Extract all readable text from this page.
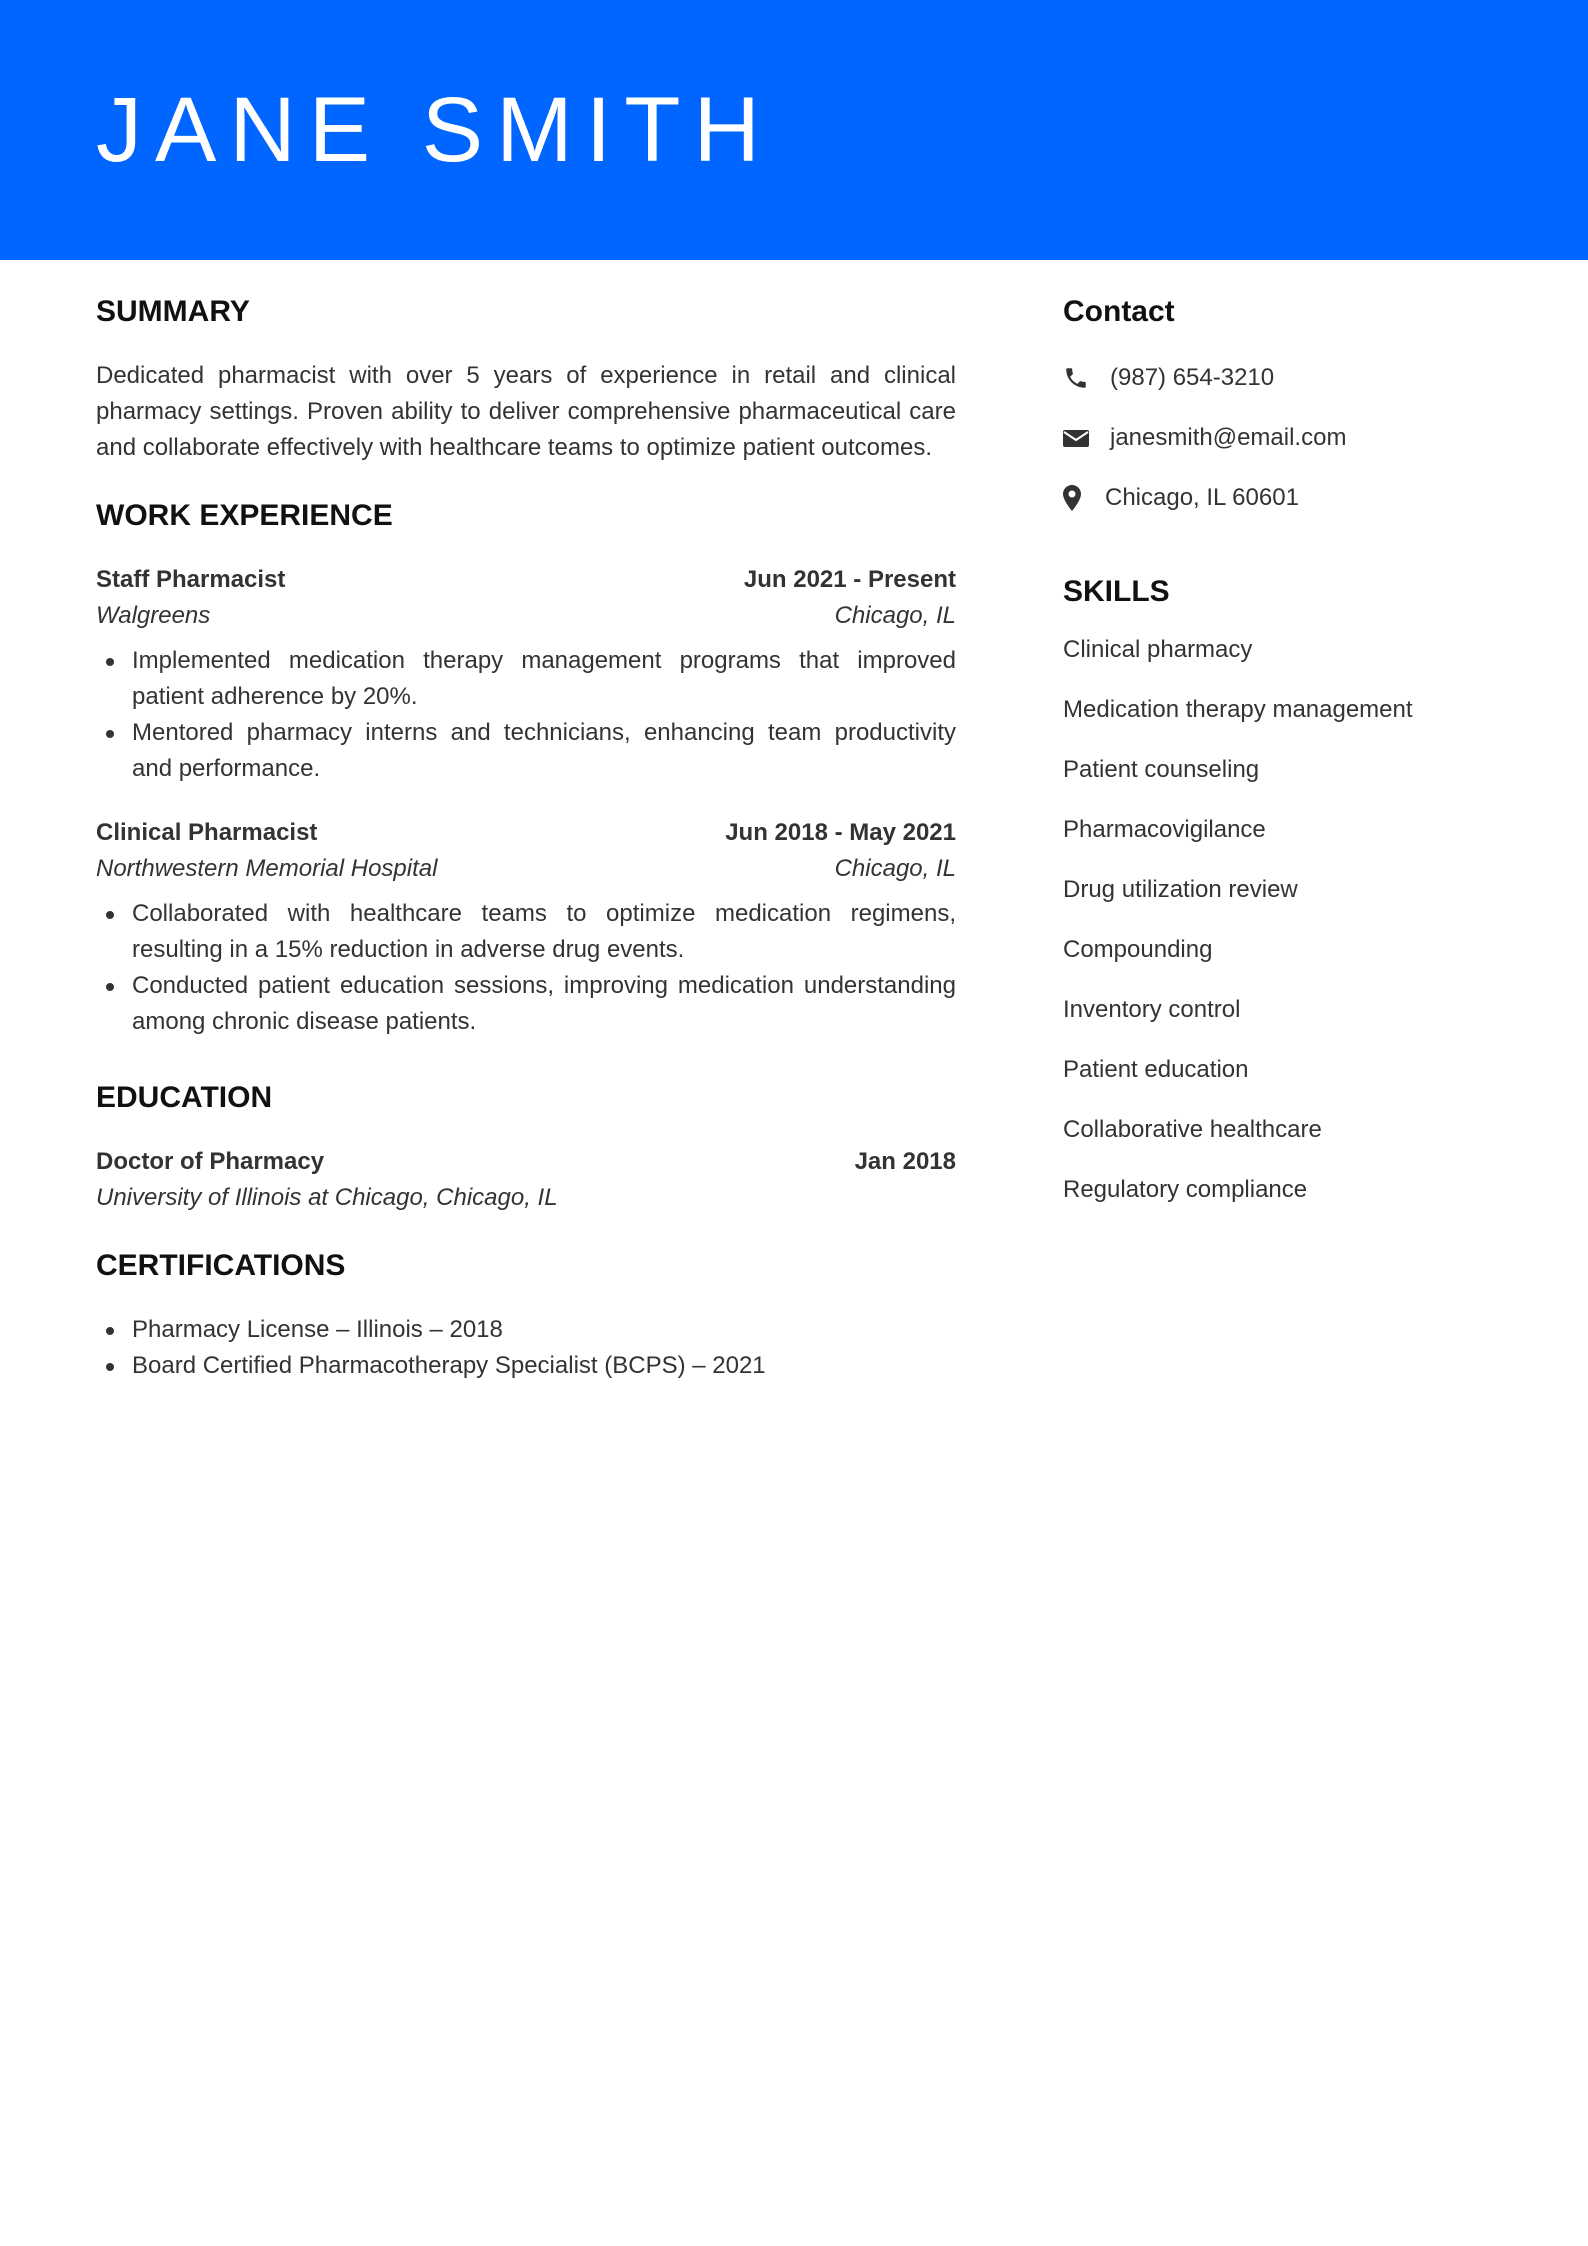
JANE SMITH
SUMMARY

Dedicated pharmacist with over 5 years of experience in retail and clinical pharmacy settings. Proven ability to deliver comprehensive pharmaceutical care and collaborate effectively with healthcare teams to optimize patient outcomes.

WORK EXPERIENCE
Staff Pharmacist	Jun 2021 - Present
Walgreens	Chicago, IL
Implemented medication therapy management programs that improved patient adherence by 20%.
Mentored pharmacy interns and technicians, enhancing team productivity and performance.
Clinical Pharmacist	Jun 2018 - May 2021
Northwestern Memorial Hospital	Chicago, IL
Collaborated with healthcare teams to optimize medication regimens, resulting in a 15% reduction in adverse drug events.
Conducted patient education sessions, improving medication understanding among chronic disease patients.
EDUCATION
Doctor of Pharmacy	Jan 2018
University of Illinois at Chicago, Chicago, IL
CERTIFICATIONS
Pharmacy License – Illinois – 2018
Board Certified Pharmacotherapy Specialist (BCPS) – 2021
Contact
(987) 654-3210
janesmith@email.com
Chicago, IL 60601
SKILLS
Clinical pharmacy
Medication therapy management
Patient counseling
Pharmacovigilance
Drug utilization review
Compounding
Inventory control
Patient education
Collaborative healthcare
Regulatory compliance
